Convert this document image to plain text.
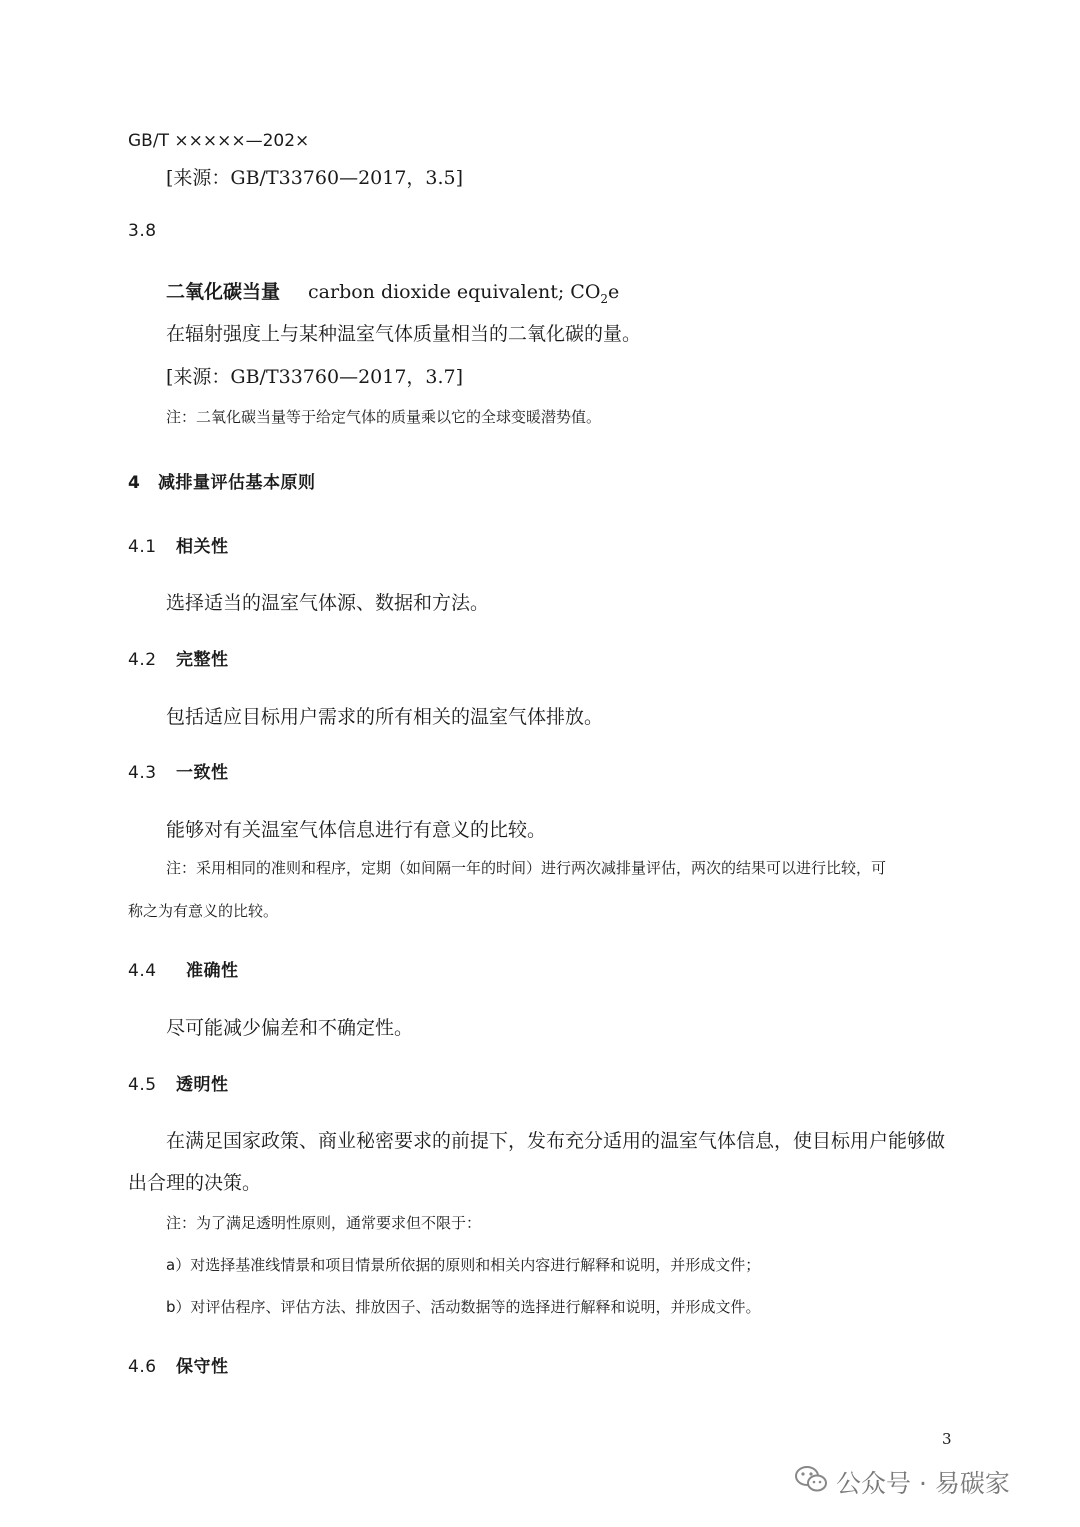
GB/T ×××××—202×
[来源：GB/T33760—2017，3.5]
3.8
二氧化碳当量 carbon dioxide equivalent; $CO_2e$
在辐射强度上与某种温室气体质量相当的二氧化碳的量。
[来源：GB/T33760—2017，3.7]
注：二氧化碳当量等于给定气体的质量乘以它的全球变暖潜势值。
4 减排量评估基本原则
4.1 相关性
选择适当的温室气体源、数据和方法。
4.2 完整性
包括适应目标用户需求的所有相关的温室气体排放。
4.3 一致性
能够对有关温室气体信息进行有意义的比较。
注：采用相同的准则和程序，定期（如间隔一年的时间）进行两次减排量评估，两次的结果可以进行比较，可
称之为有意义的比较。
4.4 准确性
尽可能减少偏差和不确定性。
4.5 透明性
在满足国家政策、商业秘密要求的前提下，发布充分适用的温室气体信息，使目标用户能够做
出合理的决策。
注：为了满足透明性原则，通常要求但不限于：
a）对选择基准线情景和项目情景所依据的原则和相关内容进行解释和说明，并形成文件；
b）对评估程序、评估方法、排放因子、活动数据等的选择进行解释和说明，并形成文件。
4.6 保守性
3
公众号 · 易碳家
